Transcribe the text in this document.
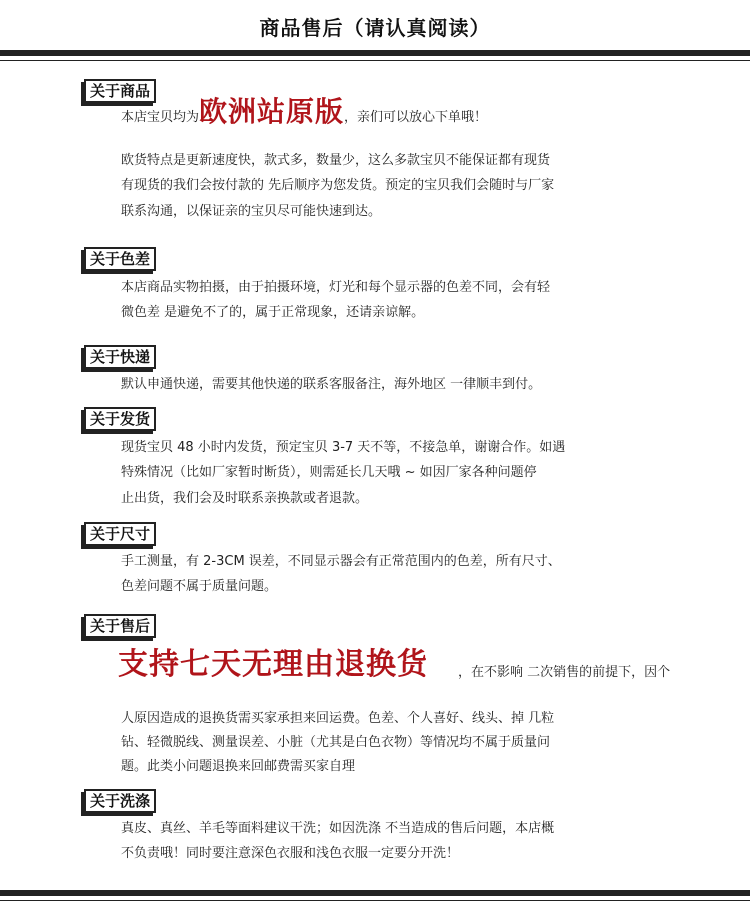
商品售后（请认真阅读）
关于商品
本店宝贝均为欧洲站原版，亲们可以放心下单哦！
欧货特点是更新速度快，款式多，数量少，这么多款宝贝不能保证都有现货
有现货的我们会按付款的 先后顺序为您发货。预定的宝贝我们会随时与厂家
联系沟通，以保证亲的宝贝尽可能快速到达。
关于色差
本店商品实物拍摄，由于拍摄环境，灯光和每个显示器的色差不同，会有轻
微色差 是避免不了的，属于正常现象，还请亲谅解。
关于快递
默认申通快递，需要其他快递的联系客服备注，海外地区 一律顺丰到付。
关于发货
现货宝贝 48 小时内发货，预定宝贝 3-7 天不等，不接急单，谢谢合作。如遇
特殊情况（比如厂家暂时断货），则需延长几天哦 ~ 如因厂家各种问题停
止出货，我们会及时联系亲换款或者退款。
关于尺寸
手工测量，有 2-3CM 误差，不同显示器会有正常范围内的色差，所有尺寸、
色差问题不属于质量问题。
关于售后
支持七天无理由退换货 ，在不影响 二次销售的前提下，因个
人原因造成的退换货需买家承担来回运费。色差、个人喜好、线头、掉 几粒
钻、轻微脱线、测量误差、小脏（尤其是白色衣物）等情况均不属于质量问
题。此类小问题退换来回邮费需买家自理
关于洗涤
真皮、真丝、羊毛等面料建议干洗；如因洗涤 不当造成的售后问题，本店概
不负责哦！同时要注意深色衣服和浅色衣服一定要分开洗！
